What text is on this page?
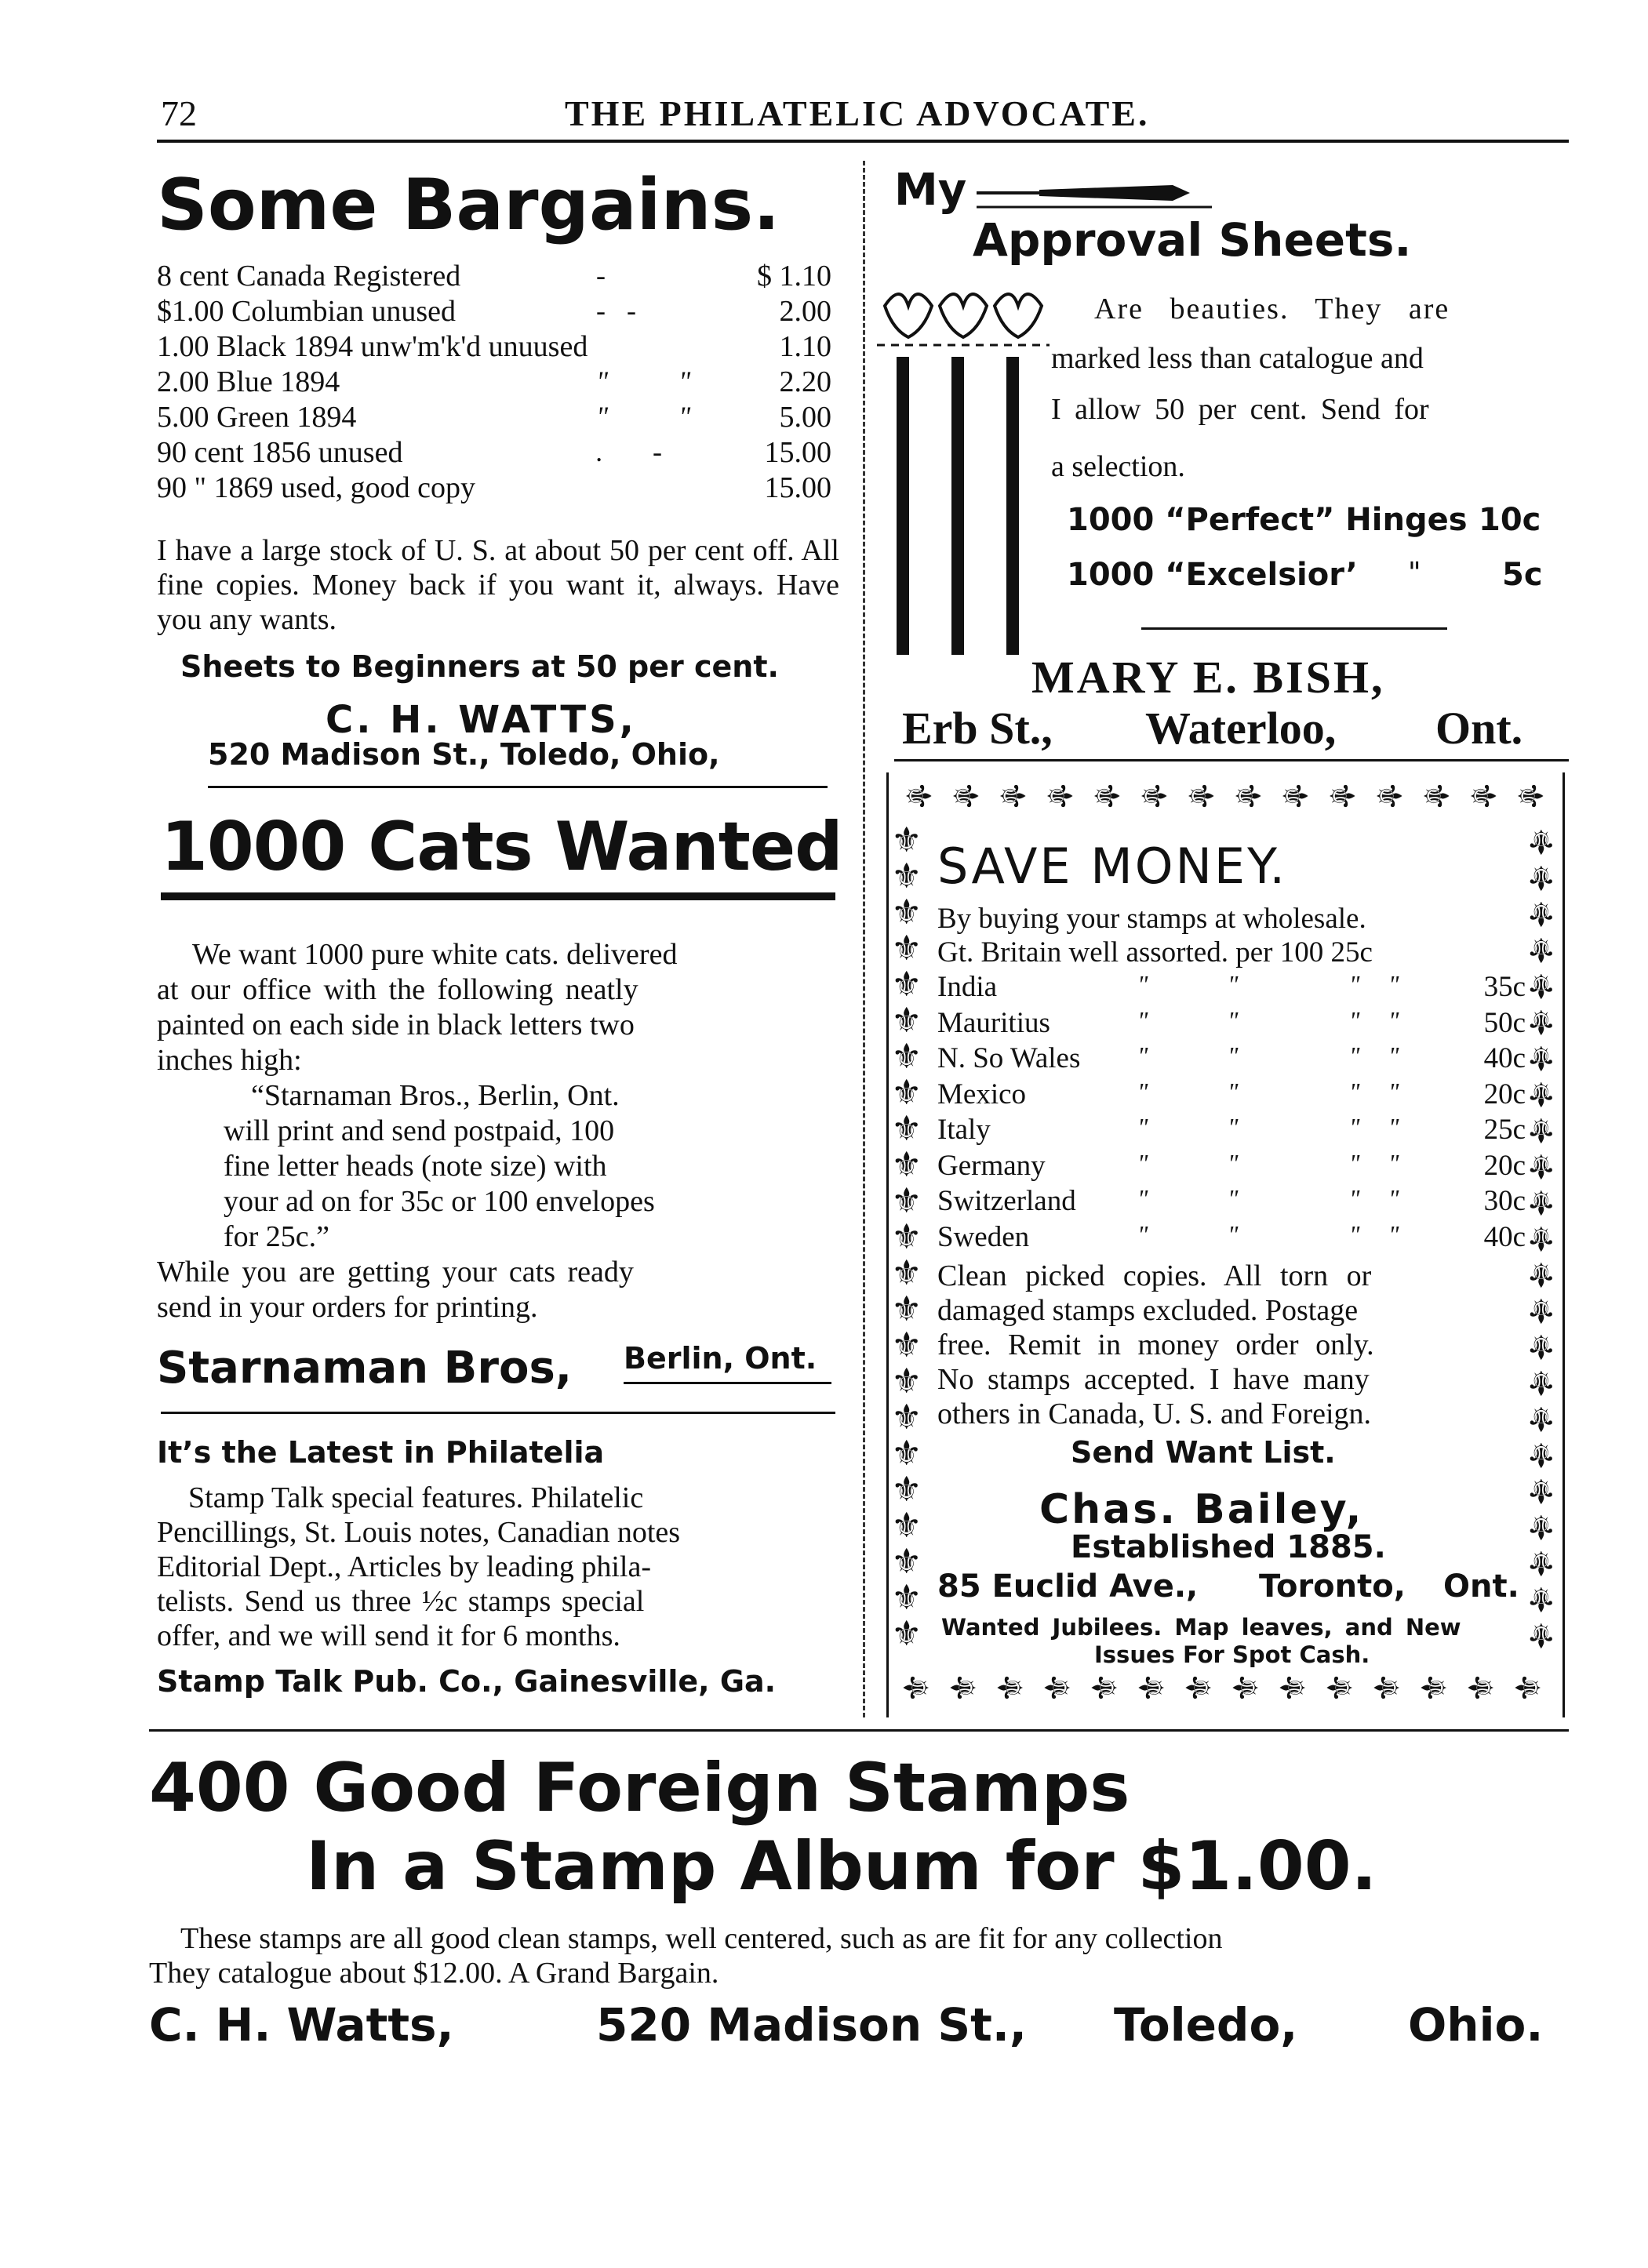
72	THE PHILATELIC ADVOCATE.
Some Bargains.
8 cent Canada Registered	-	$ 1.10
$1.00 Columbian unused	-   -	2.00
1.00 Black 1894 unw'm'k'd unuused	1.10
2.00 Blue 1894	"          "	2.20
5.00 Green 1894	"          "	5.00
90 cent 1856 unused	.       -	15.00
90 " 1869 used, good copy	15.00
I have a large stock of U. S. at about 50 per cent off. All fine copies. Money back if you want it, always. Have you any wants.
Sheets to Beginners at 50 per cent.
C. H. WATTS,
520 Madison St., Toledo, Ohio,
My
Approval Sheets.
Are beauties. They are
marked less than catalogue and
I allow 50 per cent. Send for
a selection.
1000 “Perfect” Hinges 10c
1000 “Excelsior’ "	5c
MARY E. BISH,
Erb St., Waterloo, Ont.
1000 Cats Wanted
We want 1000 pure white cats. delivered
at our office with the following neatly
painted on each side in black letters two
inches high:
“Starnaman Bros., Berlin, Ont.
will print and send postpaid, 100
fine letter heads (note size) with
your ad on for 35c or 100 envelopes
for 25c.”
While you are getting your cats ready
send in your orders for printing.
Starnaman Bros, Berlin, Ont.
It’s the Latest in Philatelia
Stamp Talk special features. Philatelic
Pencillings, St. Louis notes, Canadian notes
Editorial Dept., Articles by leading phila-
telists. Send us three ½c stamps special
offer, and we will send it for 6 months.
Stamp Talk Pub. Co., Gainesville, Ga.
⚜ ⚜ ⚜ ⚜ ⚜ ⚜ ⚜ ⚜ ⚜ ⚜ ⚜ ⚜ ⚜ ⚜
⚜ ⚜ ⚜ ⚜ ⚜ ⚜ ⚜ ⚜ ⚜ ⚜ ⚜ ⚜ ⚜ ⚜
⚜	⚜
⚜	⚜
⚜	⚜
⚜	⚜
⚜	⚜
⚜	⚜
⚜	⚜
⚜	⚜
⚜	⚜
⚜	⚜
⚜	⚜
⚜	⚜
⚜	⚜
⚜	⚜
⚜	⚜
⚜	⚜
⚜	⚜
⚜	⚜
⚜	⚜
⚜	⚜
⚜	⚜
⚜	⚜
⚜	⚜
SAVE MONEY.
By buying your stamps at wholesale.
Gt. Britain well assorted. per 100 25c
India	"	"	" "	35c
Mauritius	"	"	" "	50c
N. So Wales "	"	" "	40c
Mexico	"	"	" "	20c
Italy	"	"	" "	25c
Germany	"	"	" "	20c
Switzerland "	"	" "	30c
Sweden	"	"	" "	40c
Clean picked copies. All torn or
damaged stamps excluded. Postage
free. Remit in money order only.
No stamps accepted. I have many
others in Canada, U. S. and Foreign.
Send Want List.
Chas. Bailey,
Established 1885.
85 Euclid Ave., Toronto, Ont.
Wanted Jubilees. Map leaves, and New
Issues For Spot Cash.
400 Good Foreign Stamps
In a Stamp Album for $1.00.
These stamps are all good clean stamps, well centered, such as are fit for any collection
They catalogue about $12.00. A Grand Bargain.
C. H. Watts,	520 Madison St., Toledo, Ohio.
